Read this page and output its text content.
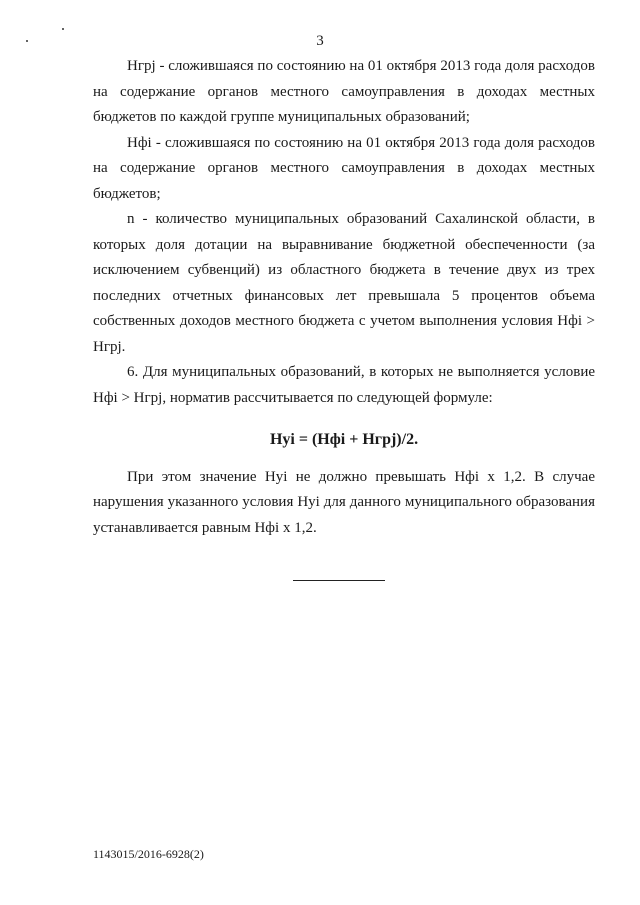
3

Нгрj - сложившаяся по состоянию на 01 октября 2013 года доля расходов на содержание органов местного самоуправления в доходах местных бюджетов по каждой группе муниципальных образований;

Нфi - сложившаяся по состоянию на 01 октября 2013 года доля расходов на содержание органов местного самоуправления в доходах местных бюджетов;

n - количество муниципальных образований Сахалинской области, в которых доля дотации на выравнивание бюджетной обеспеченности (за исключением субвенций) из областного бюджета в течение двух из трех последних отчетных финансовых лет превышала 5 процентов объема собственных доходов местного бюджета с учетом выполнения условия Нфi > Нгрj.

6. Для муниципальных образований, в которых не выполняется условие Нфi > Нгрj, норматив рассчитывается по следующей формуле:

Нуi = (Нфi + Нгрj)/2.

При этом значение Нуi не должно превышать Нфi х 1,2. В случае нарушения указанного условия Нуi для данного муниципального образования устанавливается равным Нфi х 1,2.

1143015/2016-6928(2)
